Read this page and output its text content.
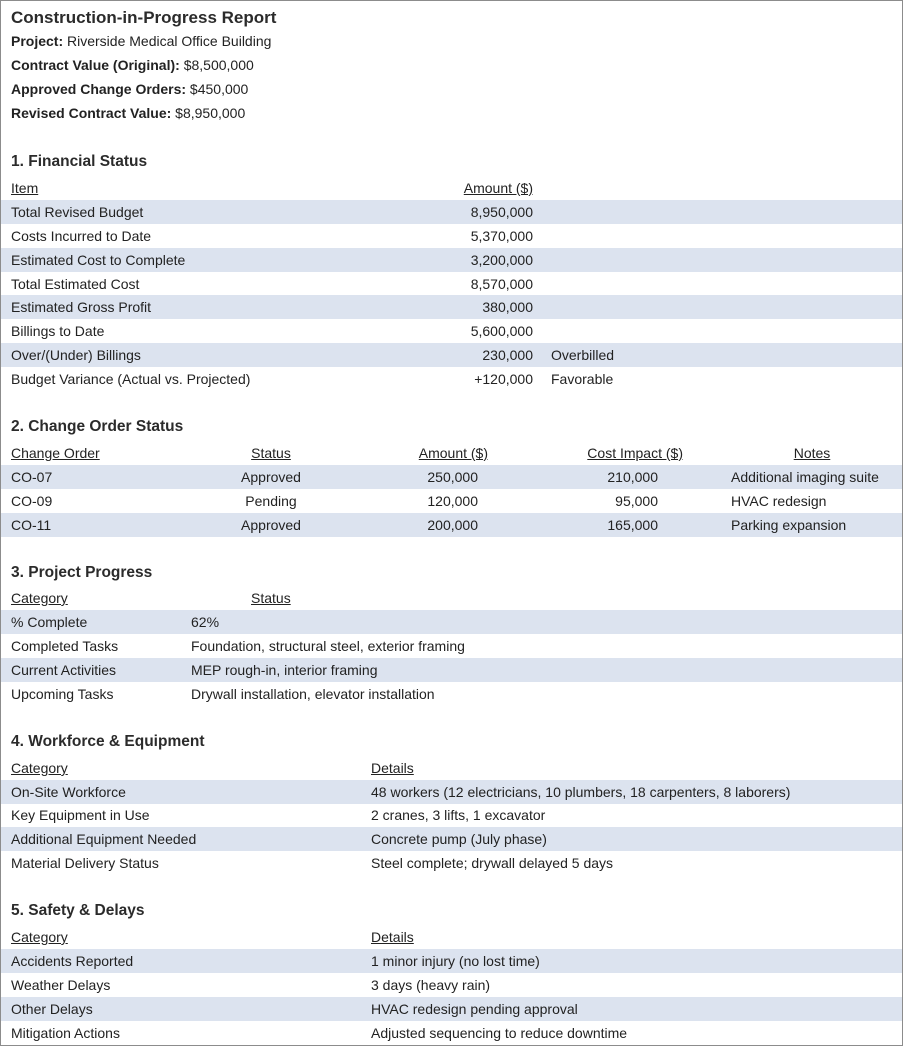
Construction-in-Progress Report
Project: Riverside Medical Office Building
Contract Value (Original): $8,500,000
Approved Change Orders: $450,000
Revised Contract Value: $8,950,000
1. Financial Status
Item	Amount ($)
Total Revised Budget	8,950,000
Costs Incurred to Date	5,370,000
Estimated Cost to Complete	3,200,000
Total Estimated Cost	8,570,000
Estimated Gross Profit	380,000
Billings to Date	5,600,000
Over/(Under) Billings	230,000 Overbilled
Budget Variance (Actual vs. Projected)	+120,000 Favorable
2. Change Order Status
Change Order	Status	Amount ($)	Cost Impact ($)	Notes
CO-07	Approved	250,000	210,000	Additional imaging suite
CO-09	Pending	120,000	95,000	HVAC redesign
CO-11	Approved	200,000	165,000	Parking expansion
3. Project Progress
Category	Status
% Complete	62%
Completed Tasks	Foundation, structural steel, exterior framing
Current Activities	MEP rough-in, interior framing
Upcoming Tasks	Drywall installation, elevator installation
4. Workforce & Equipment
Category	Details
On-Site Workforce	48 workers (12 electricians, 10 plumbers, 18 carpenters, 8 laborers)
Key Equipment in Use	2 cranes, 3 lifts, 1 excavator
Additional Equipment Needed	Concrete pump (July phase)
Material Delivery Status	Steel complete; drywall delayed 5 days
5. Safety & Delays
Category	Details
Accidents Reported	1 minor injury (no lost time)
Weather Delays	3 days (heavy rain)
Other Delays	HVAC redesign pending approval
Mitigation Actions	Adjusted sequencing to reduce downtime
